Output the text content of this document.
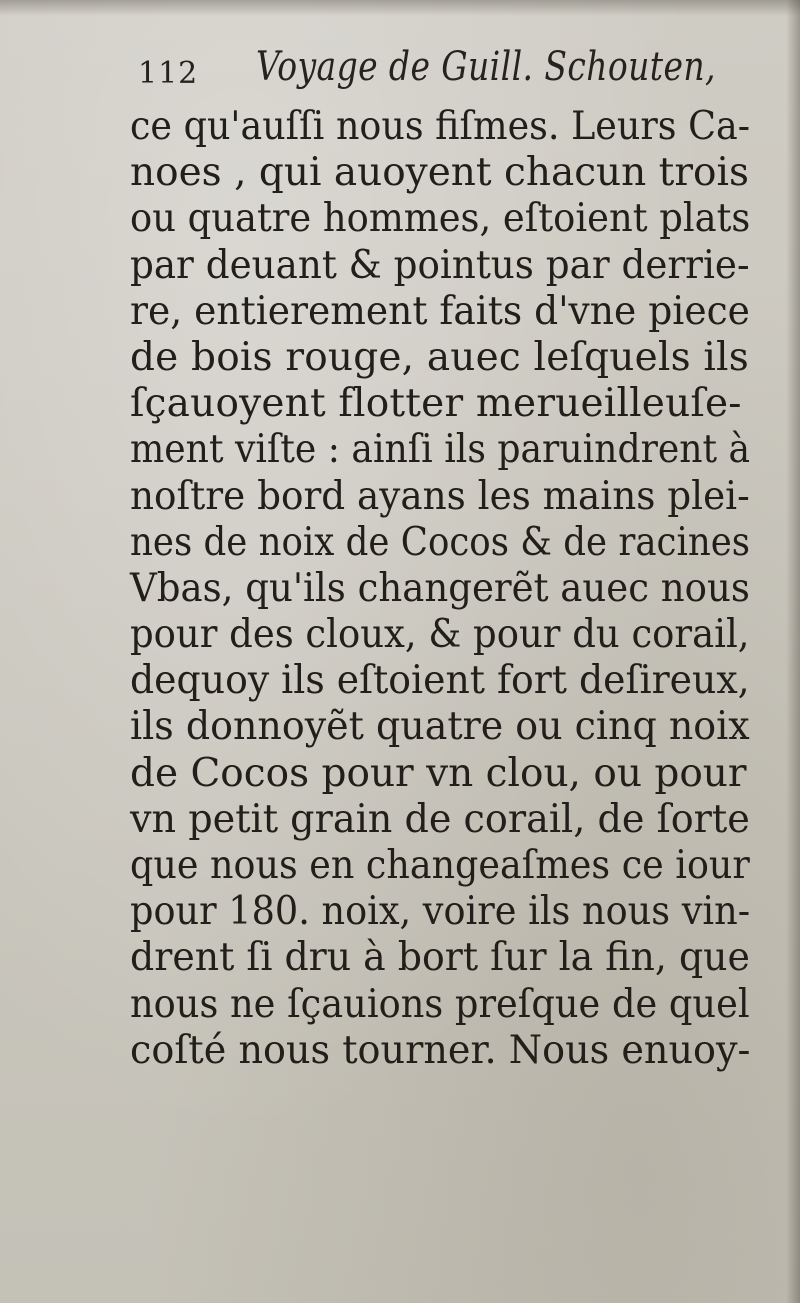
112 Voyage de Guill. Schouten,
ce qu'auſſi nous fiſmes. Leurs Ca-
noes , qui auoyent chacun trois
ou quatre hommes, eſtoient plats
par deuant & pointus par derrie-
re, entierement faits d'vne piece
de bois rouge, auec leſquels ils
ſçauoyent flotter merueilleuſe-
ment viſte : ainſi ils paruindrent à
noſtre bord ayans les mains plei-
nes de noix de Cocos & de racines
Vbas, qu'ils changerẽt auec nous
pour des cloux, & pour du corail,
dequoy ils eſtoient fort deſireux,
ils donnoyẽt quatre ou cinq noix
de Cocos pour vn clou, ou pour
vn petit grain de corail, de ſorte
que nous en changeaſmes ce iour
pour 180. noix, voire ils nous vin-
drent ſi dru à bort ſur la fin, que
nous ne ſçauions preſque de quel
coſté nous tourner. Nous enuoy-
